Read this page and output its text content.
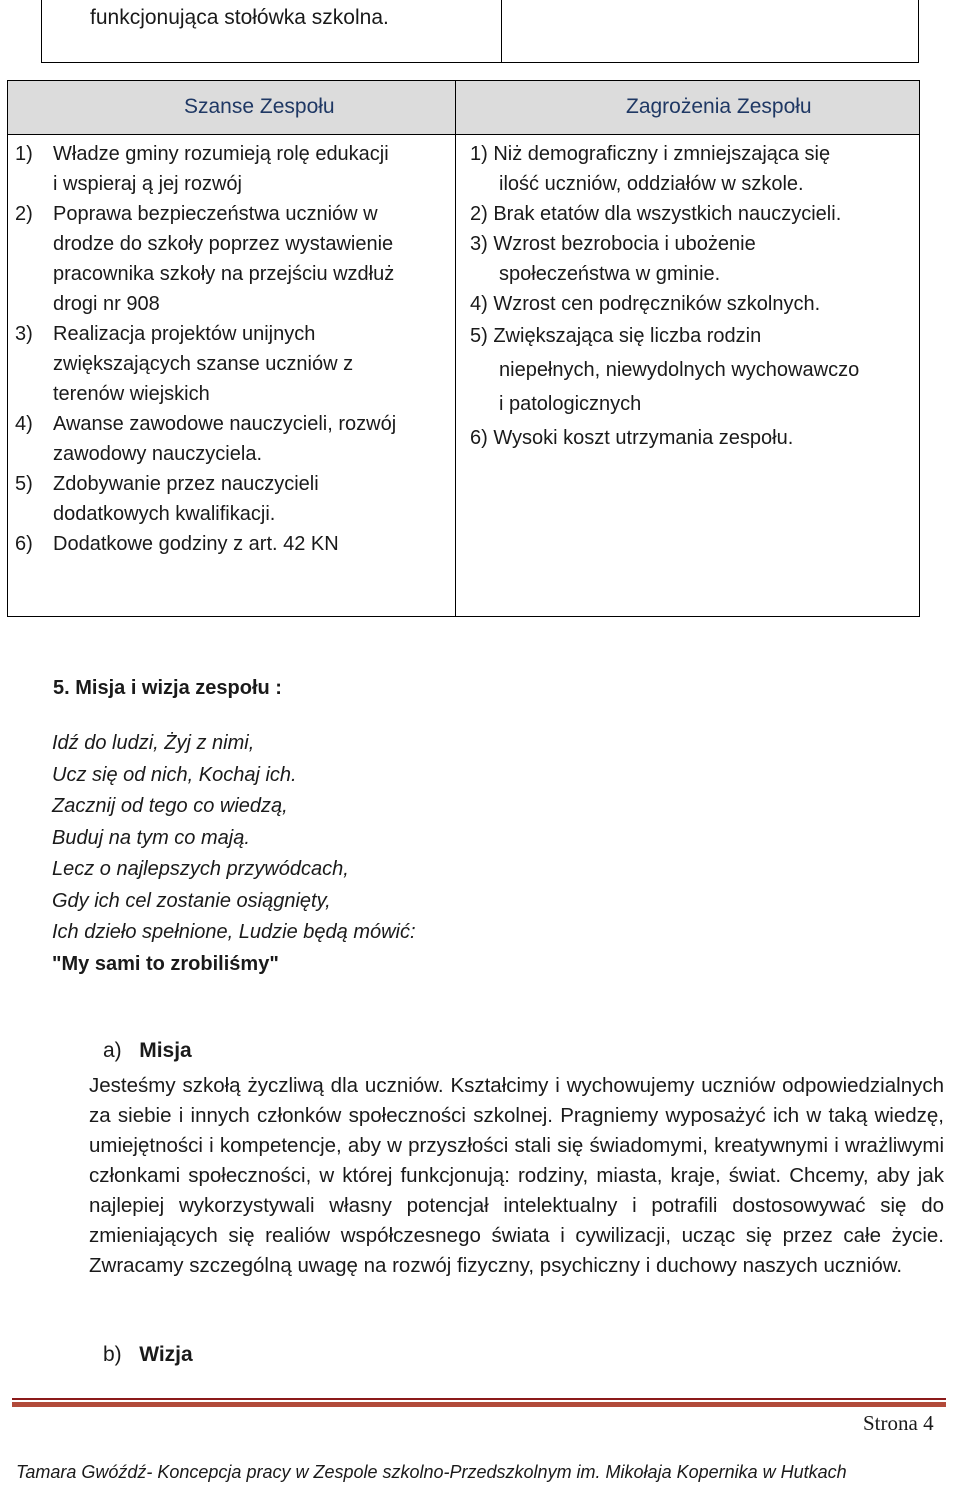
funkcjonująca stołówka szkolna.
Szanse Zespołu	Zagrożenia Zespołu
1) Władze gminy rozumieją rolę edukacji
i wspieraj ą jej rozwój
2) Poprawa bezpieczeństwa uczniów w
drodze do szkoły poprzez wystawienie
pracownika szkoły na przejściu wzdłuż
drogi nr 908
3) Realizacja projektów unijnych
zwiększających szanse uczniów z
terenów wiejskich
4) Awanse zawodowe nauczycieli, rozwój
zawodowy nauczyciela.
5) Zdobywanie przez nauczycieli
dodatkowych kwalifikacji.
6) Dodatkowe godziny z art. 42 KN
1) Niż demograficzny i zmniejszająca się
ilość uczniów, oddziałów w szkole.
2) Brak etatów dla wszystkich nauczycieli.
3) Wzrost bezrobocia i ubożenie
społeczeństwa w gminie.
4) Wzrost cen podręczników szkolnych.
5) Zwiększająca się liczba rodzin
niepełnych, niewydolnych wychowawczo
i patologicznych
6) Wysoki koszt utrzymania zespołu.
5. Misja i wizja zespołu :
Idź do ludzi, Żyj z nimi,
Ucz się od nich, Kochaj ich.
Zacznij od tego co wiedzą,
Buduj na tym co mają.
Lecz o najlepszych przywódcach,
Gdy ich cel zostanie osiągnięty,
Ich dzieło spełnione, Ludzie będą mówić:
"My sami to zrobiliśmy"
a) Misja
Jesteśmy szkołą życzliwą dla uczniów. Kształcimy i wychowujemy uczniów odpowiedzialnych za siebie i innych członków społeczności szkolnej. Pragniemy wyposażyć ich w taką wiedzę, umiejętności i kompetencje, aby w przyszłości stali się świadomymi, kreatywnymi i wrażliwymi członkami społeczności, w której funkcjonują: rodziny, miasta, kraje, świat. Chcemy, aby jak najlepiej wykorzystywali własny potencjał intelektualny i potrafili dostosowywać się do zmieniających się realiów współczesnego świata i cywilizacji, ucząc się przez całe życie. Zwracamy szczególną uwagę na rozwój fizyczny, psychiczny i duchowy naszych uczniów.
b) Wizja
Strona 4
Tamara Gwóźdź- Koncepcja pracy w Zespole szkolno-Przedszkolnym im. Mikołaja Kopernika w Hutkach
